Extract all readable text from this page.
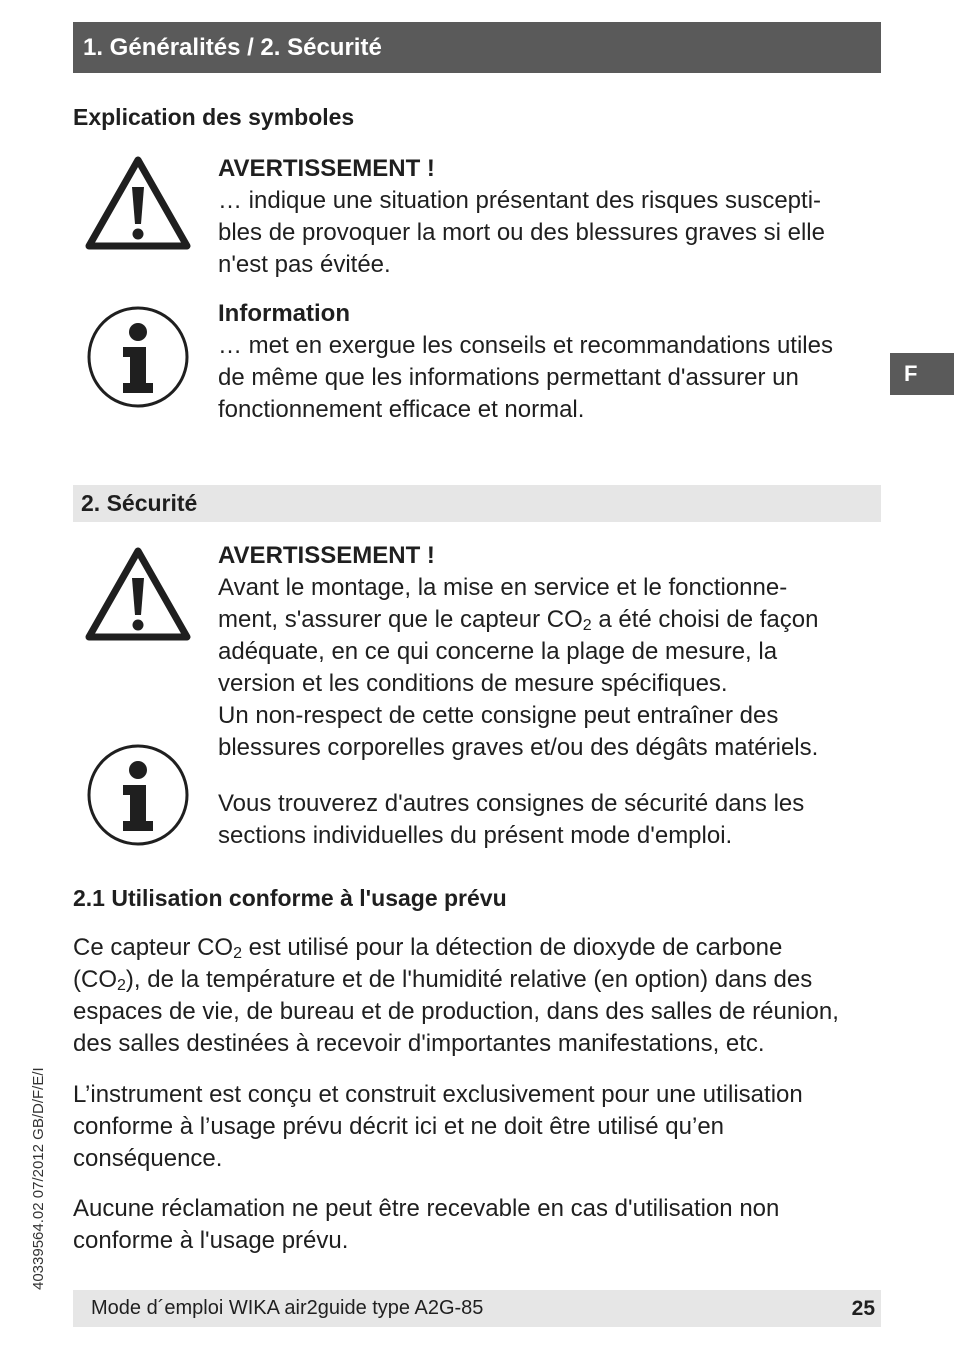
1. Généralités / 2. Sécurité
Explication des symboles
AVERTISSEMENT !
… indique une situation présentant des risques suscepti-
bles de provoquer la mort ou des blessures graves si elle
n'est pas évitée.
Information
… met en exergue les conseils et recommandations utiles
de même que les informations permettant d'assurer un
fonctionnement efficace et normal.
F
2. Sécurité
AVERTISSEMENT !
Avant le montage, la mise en service et le fonctionne-
ment, s'assurer que le capteur $CO_2$ a été choisi de façon
adéquate, en ce qui concerne la plage de mesure, la
version et les conditions de mesure spécifiques.
Un non-respect de cette consigne peut entraîner des
blessures corporelles graves et/ou des dégâts matériels.
Vous trouverez d'autres consignes de sécurité dans les
sections individuelles du présent mode d'emploi.
2.1 Utilisation conforme à l'usage prévu
Ce capteur $CO_2$ est utilisé pour la détection de dioxyde de carbone
$(CO_2)$, de la température et de l'humidité relative (en option) dans des
espaces de vie, de bureau et de production, dans des salles de réunion,
des salles destinées à recevoir d'importantes manifestations, etc.
L’instrument est conçu et construit exclusivement pour une utilisation
conforme à l’usage prévu décrit ici et ne doit être utilisé qu’en
conséquence.
Aucune réclamation ne peut être recevable en cas d'utilisation non
conforme à l'usage prévu.
40339564.02 07/2012 GB/D/F/E/I
Mode d´emploi WIKA air2guide type A2G-85	25
